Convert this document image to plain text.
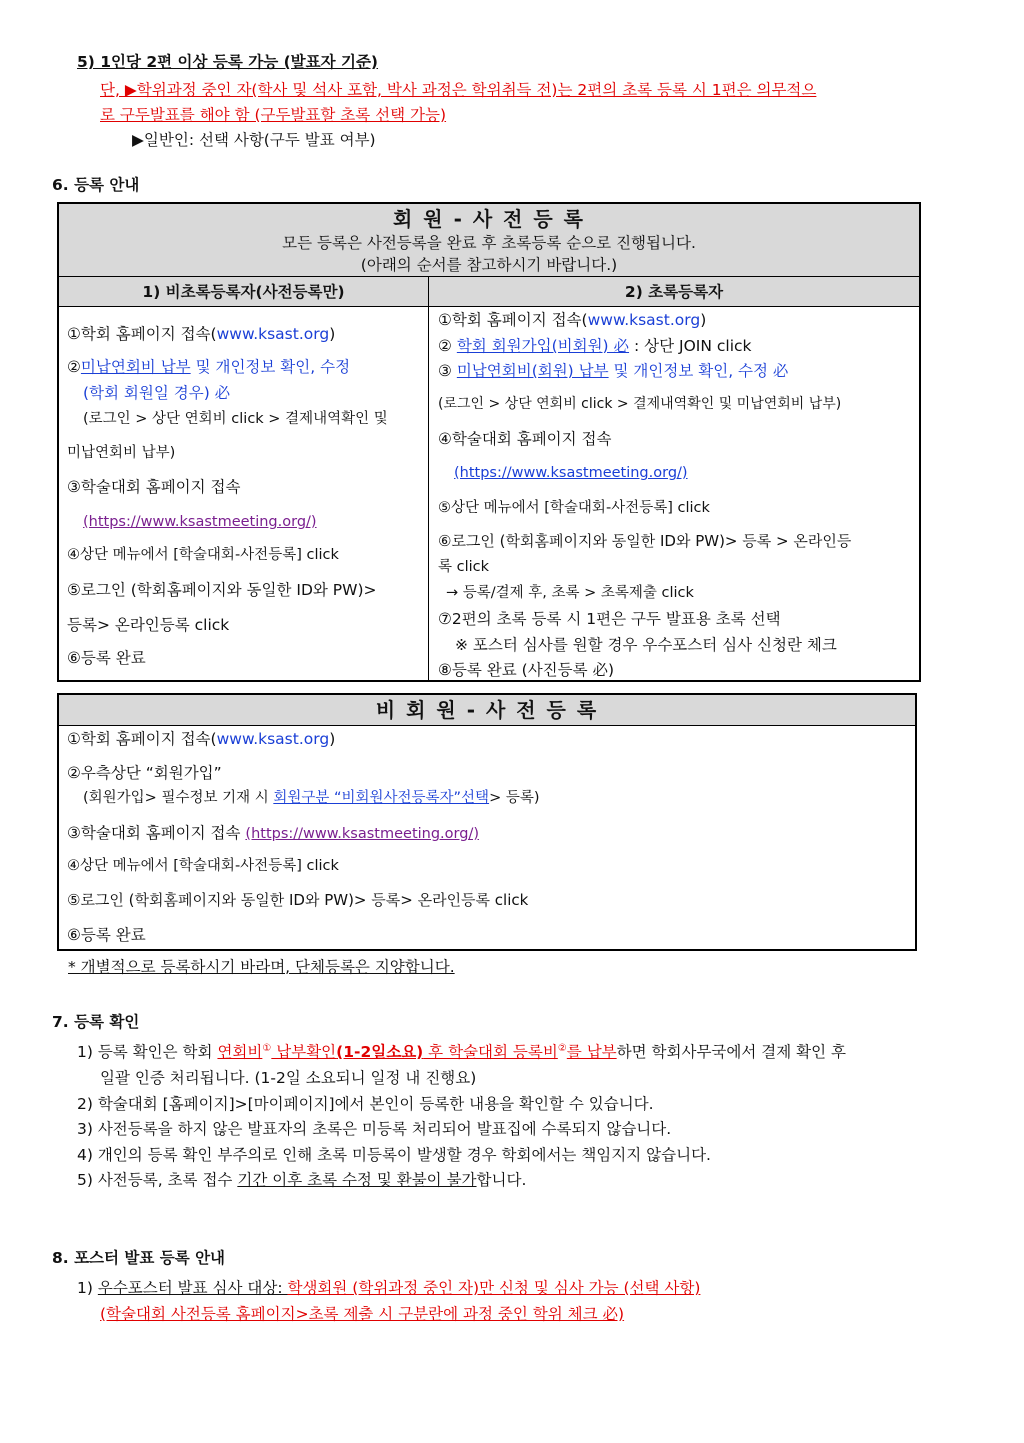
5) 1인당 2편 이상 등록 가능 (발표자 기준)
단, ▶학위과정 중인 자(학사 및 석사 포함, 박사 과정은 학위취득 전)는 2편의 초록 등록 시 1편은 의무적으
로 구두발표를 해야 함 (구두발표할 초록 선택 가능)
▶일반인: 선택 사항(구두 발표 여부)
6. 등록 안내
회 원 - 사 전 등 록
모든 등록은 사전등록을 완료 후 초록등록 순으로 진행됩니다.
(아래의 순서를 참고하시기 바랍니다.)
1) 비초록등록자(사전등록만)	2) 초록등록자
①학회 홈페이지 접속(www.ksast.org)
②미납연회비 납부 및 개인정보 확인, 수정
(학회 회원일 경우) 必
(로그인 > 상단 연회비 click > 결제내역확인 및
미납연회비 납부)
③학술대회 홈페이지 접속
(https://www.ksastmeeting.org/)
④상단 메뉴에서 [학술대회-사전등록] click
⑤로그인 (학회홈페이지와 동일한 ID와 PW)>
등록> 온라인등록 click
⑥등록 완료
①학회 홈페이지 접속(www.ksast.org)
② 학회 회원가입(비회원) 必 : 상단 JOIN click
③ 미납연회비(회원) 납부 및 개인정보 확인, 수정 必
(로그인 > 상단 연회비 click > 결제내역확인 및 미납연회비 납부)
④학술대회 홈페이지 접속
(https://www.ksastmeeting.org/)
⑤상단 메뉴에서 [학술대회-사전등록] click
⑥로그인 (학회홈페이지와 동일한 ID와 PW)> 등록 > 온라인등
록 click
→ 등록/결제 후, 초록 > 초록제출 click
⑦2편의 초록 등록 시 1편은 구두 발표용 초록 선택
※ 포스터 심사를 원할 경우 우수포스터 심사 신청란 체크
⑧등록 완료 (사진등록 必)
비 회 원 - 사 전 등 록
①학회 홈페이지 접속(www.ksast.org)
②우측상단 “회원가입”
(회원가입> 필수정보 기재 시 회원구분 “비회원사전등록자”선택> 등록)
③학술대회 홈페이지 접속 (https://www.ksastmeeting.org/)
④상단 메뉴에서 [학술대회-사전등록] click
⑤로그인 (학회홈페이지와 동일한 ID와 PW)> 등록> 온라인등록 click
⑥등록 완료
* 개별적으로 등록하시기 바라며, 단체등록은 지양합니다.
7. 등록 확인
1) 등록 확인은 학회 연회비① 납부확인(1-2일소요) 후 학술대회 등록비②를 납부하면 학회사무국에서 결제 확인 후
일괄 인증 처리됩니다. (1-2일 소요되니 일정 내 진행요)
2) 학술대회 [홈페이지]>[마이페이지]에서 본인이 등록한 내용을 확인할 수 있습니다.
3) 사전등록을 하지 않은 발표자의 초록은 미등록 처리되어 발표집에 수록되지 않습니다.
4) 개인의 등록 확인 부주의로 인해 초록 미등록이 발생할 경우 학회에서는 책임지지 않습니다.
5) 사전등록, 초록 접수 기간 이후 초록 수정 및 환불이 불가합니다.
8. 포스터 발표 등록 안내
1) 우수포스터 발표 심사 대상: 학생회원 (학위과정 중인 자)만 신청 및 심사 가능 (선택 사항)
(학술대회 사전등록 홈페이지>초록 제출 시 구분란에 과정 중인 학위 체크 必)
